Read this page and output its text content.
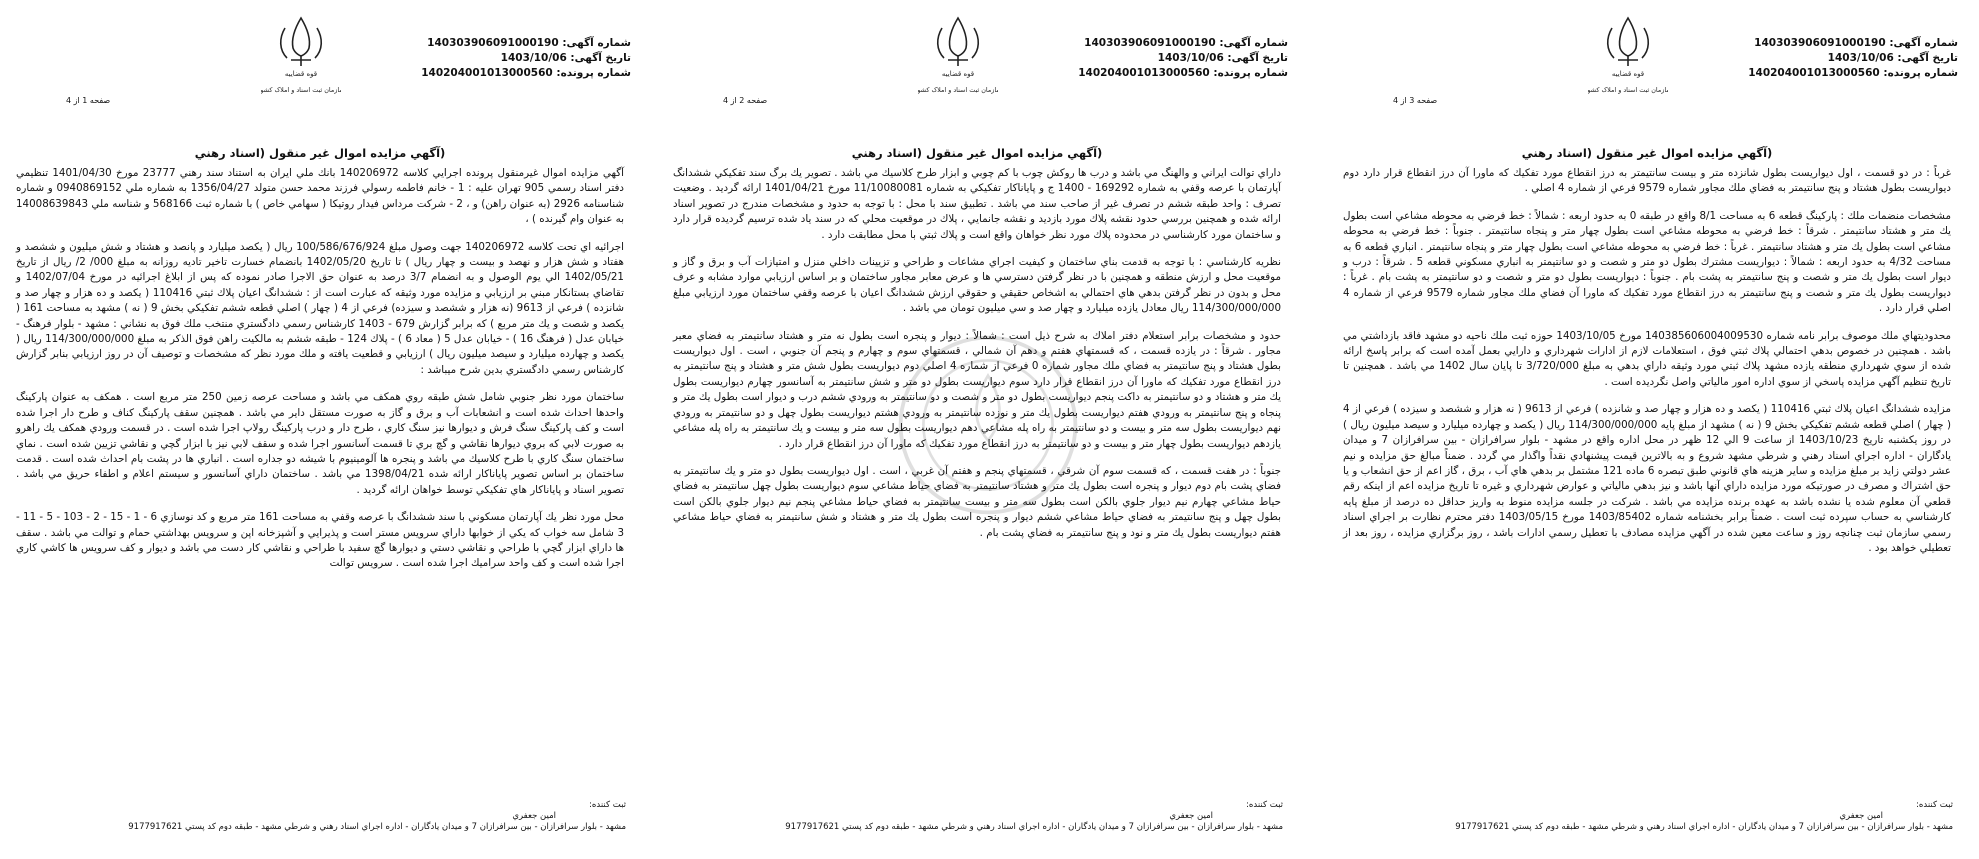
شماره آگهی: 140303906091000190
تاریخ آگهی: 1403/10/06
شماره پرونده: 140204001013000560
قوه قضاییه
سازمان ثبت اسناد و املاک کشور
صفحه 3 از 4
(آگهي مزايده اموال غير منقول (اسناد رهني

غرباً : در دو قسمت ، اول ديواريست بطول شانزده متر و بيست سانتيمتر به درز انقطاع مورد تفكيك كه ماورا آن درز انقطاع قرار دارد دوم ديواريست بطول هشتاد و پنج سانتيمتر به فضاي ملك مجاور شماره 9579 فرعي از شماره 4 اصلي .

مشخصات منضمات ملك : پاركينگ قطعه 6 به مساحت 8/1 واقع در طبقه 0 به حدود اربعه : شمالاً : خط فرضي به محوطه مشاعي است بطول يك متر و هشتاد سانتيمتر . شرقاً : خط فرضي به محوطه مشاعي است بطول چهار متر و پنجاه سانتيمتر . جنوباً : خط فرضي به محوطه مشاعي است بطول يك متر و هشتاد سانتيمتر . غرباً : خط فرضي به محوطه مشاعي است بطول چهار متر و پنجاه سانتيمتر . انباري قطعه 6 به مساحت 4/32 به حدود اربعه : شمالاً : ديواريست مشترك بطول دو متر و شصت و دو سانتيمتر به انباري مسكوني قطعه 5 . شرقاً : درب و ديوار است بطول يك متر و شصت و پنج سانتيمتر به پشت بام . جنوباً : ديواريست بطول دو متر و شصت و دو سانتيمتر به پشت بام . غرباً : ديواريست بطول يك متر و شصت و پنج سانتيمتر به درز انقطاع مورد تفكيك كه ماورا آن فضاي ملك مجاور شماره 9579 فرعي از شماره 4 اصلي قرار دارد .

محدوديتهاي ملك موصوف برابر نامه شماره 140385606004009530 مورخ 1403/10/05 حوزه ثبت ملك ناحيه دو مشهد فاقد بازداشتي مي باشد . همچنين در خصوص بدهي احتمالي پلاك ثبتي فوق ، استعلامات لازم از ادارات شهرداري و دارايي بعمل آمده است كه برابر پاسخ ارائه شده از سوي شهرداري منطقه يازده مشهد پلاك ثبتي مورد وثيقه داراي بدهي به مبلغ 3/720/000 تا پايان سال 1402 مي باشد . همچنين تا تاريخ تنظيم آگهي مزايده پاسخي از سوي اداره امور مالياتي واصل نگرديده است .

مزايده ششدانگ اعيان پلاك ثبتي 110416 ( يكصد و ده هزار و چهار صد و شانزده ) فرعي از 9613 ( نه هزار و ششصد و سيزده ) فرعي از 4 ( چهار ) اصلي قطعه ششم تفكيكي بخش 9 ( نه ) مشهد از مبلغ پايه 114/300/000/000 ريال ( يكصد و چهارده ميليارد و سيصد ميليون ريال ) در روز يكشنبه تاريخ 1403/10/23 از ساعت 9 الي 12 ظهر در محل اداره واقع در مشهد - بلوار سرافرازان - بين سرافرازان 7 و ميدان يادگاران - اداره اجراي اسناد رهني و شرطي مشهد شروع و به بالاترين قيمت پيشنهادي نقداً واگذار مي گردد . ضمناً مبالغ حق مزايده و نيم عشر دولتي زايد بر مبلغ مزايده و ساير هزينه هاي قانوني طبق تبصره 6 ماده 121 مشتمل بر بدهي هاي آب ، برق ، گاز اعم از حق انشعاب و يا حق اشتراك و مصرف در صورتيكه مورد مزايده داراي آنها باشد و نيز بدهي مالياتي و عوارض شهرداري و غيره تا تاريخ مزايده اعم از اينكه رقم قطعي آن معلوم شده يا نشده باشد به عهده برنده مزايده مي باشد . شركت در جلسه مزايده منوط به واريز حداقل ده درصد از مبلغ پايه كارشناسي به حساب سپرده ثبت است . ضمناً برابر بخشنامه شماره 1403/85402 مورخ 1403/05/15 دفتر محترم نظارت بر اجراي اسناد رسمي سازمان ثبت چنانچه روز و ساعت معين شده در آگهي مزايده مصادف با تعطيل رسمي ادارات باشد ، روز برگزاري مزايده ، روز بعد از تعطيلي خواهد بود .

ثبت كننده:
امين جعفري
مشهد - بلوار سرافرازان - بين سرافرازان 7 و ميدان يادگاران - اداره اجراي اسناد رهني و شرطي مشهد - طبقه دوم كد پستي 9177917621
شماره آگهی: 140303906091000190
تاریخ آگهی: 1403/10/06
شماره پرونده: 140204001013000560
قوه قضاییه
سازمان ثبت اسناد و املاک کشور
صفحه 2 از 4
(آگهي مزايده اموال غير منقول (اسناد رهني

داراي توالت ايراني و والهنگ مي باشد و درب ها روكش چوب با كم چوبي و ابزار طرح كلاسيك مي باشد . تصوير يك برگ سند تفكيكي ششدانگ آپارتمان با عرصه وقفي به شماره 169292 - 1400 ج و پاياناكار تفكيكي به شماره 11/10080081 مورخ 1401/04/21 ارائه گرديد . وضعيت تصرف : واحد طبقه ششم در تصرف غير از صاحب سند مي باشد . تطبيق سند با محل : با توجه به حدود و مشخصات مندرج در تصوير اسناد ارائه شده و همچنين بررسي حدود نقشه پلاك مورد بازديد و نقشه جانمايي ، پلاك در موقعيت محلي كه در سند ياد شده ترسيم گرديده قرار دارد و ساختمان مورد كارشناسي در محدوده پلاك مورد نظر خواهان واقع است و پلاك ثبتي با محل مطابقت دارد .

نظريه كارشناسي : با توجه به قدمت بناي ساختمان و كيفيت اجراي مشاعات و طراحي و تزيينات داخلي منزل و امتيازات آب و برق و گاز و موقعيت محل و ارزش منطقه و همچنين با در نظر گرفتن دسترسي ها و عرض معابر مجاور ساختمان و بر اساس ارزيابي موارد مشابه و عرف محل و بدون در نظر گرفتن بدهي هاي احتمالي به اشخاص حقيقي و حقوقي ارزش ششدانگ اعيان با عرصه وقفي ساختمان مورد ارزيابي مبلغ 114/300/000/000 ريال معادل يازده ميليارد و چهار صد و سي ميليون تومان مي باشد .

حدود و مشخصات برابر استعلام دفتر املاك به شرح ذيل است : شمالاً : ديوار و پنجره است بطول نه متر و هشتاد سانتيمتر به فضاي معبر مجاور . شرقاً : در يازده قسمت ، كه قسمتهاي هفتم و دهم آن شمالي ، قسمتهاي سوم و چهارم و پنجم آن جنوبي ، است . اول ديواريست بطول هشتاد و پنج سانتيمتر به فضاي ملك مجاور شماره 0 فرعي از شماره 4 اصلي دوم ديواريست بطول شش متر و هشتاد و پنج سانتيمتر به درز انقطاع مورد تفكيك كه ماورا آن درز انقطاع قرار دارد سوم ديواريست بطول دو متر و شش سانتيمتر به آسانسور چهارم ديواريست بطول يك متر و هشتاد و دو سانتيمتر به داكت پنجم ديواريست بطول دو متر و شصت و دو سانتيمتر به ورودي ششم درب و ديوار است بطول يك متر و پنجاه و پنج سانتيمتر به ورودي هفتم ديواريست بطول يك متر و نوزده سانتيمتر به ورودي هشتم ديواريست بطول چهل و دو سانتيمتر به ورودي نهم ديواريست بطول سه متر و بيست و دو سانتيمتر به راه پله مشاعي دهم ديواريست بطول سه متر و بيست و يك سانتيمتر به راه پله مشاعي يازدهم ديواريست بطول چهار متر و بيست و دو سانتيمتر به درز انقطاع مورد تفكيك كه ماورا آن درز انقطاع قرار دارد .

جنوباً : در هفت قسمت ، كه قسمت سوم آن شرقي ، قسمتهاي پنجم و هفتم آن غربي ، است . اول ديواريست بطول دو متر و يك سانتيمتر به فضاي پشت بام دوم ديوار و پنجره است بطول يك متر و هشتاد سانتيمتر به فضاي حياط مشاعي سوم ديواريست بطول چهل سانتيمتر به فضاي حياط مشاعي چهارم نيم ديوار جلوي بالكن است بطول سه متر و بيست سانتيمتر به فضاي حياط مشاعي پنجم نيم ديوار جلوي بالكن است بطول چهل و پنج سانتيمتر به فضاي حياط مشاعي ششم ديوار و پنجره است بطول يك متر و هشتاد و شش سانتيمتر به فضاي حياط مشاعي هفتم ديواريست بطول يك متر و نود و پنج سانتيمتر به فضاي پشت بام .

ثبت كننده:
امين جعفري
مشهد - بلوار سرافرازان - بين سرافرازان 7 و ميدان يادگاران - اداره اجراي اسناد رهني و شرطي مشهد - طبقه دوم كد پستي 9177917621
شماره آگهی: 140303906091000190
تاریخ آگهی: 1403/10/06
شماره پرونده: 140204001013000560
قوه قضاییه
سازمان ثبت اسناد و املاک کشور
صفحه 1 از 4
(آگهي مزايده اموال غير منقول (اسناد رهني

آگهي مزايده اموال غيرمنقول پرونده اجرايي كلاسه 140206972 بانك ملي ايران به استناد سند رهني 23777 مورخ 1401/04/30 تنظيمي دفتر اسناد رسمي 905 تهران عليه : 1 - خانم فاطمه رسولي فرزند محمد حسن متولد 1356/04/27 به شماره ملي 0940869152 و شماره شناسنامه 2926 (به عنوان راهن) و ، 2 - شركت مرداس فيدار روتيكا ( سهامي خاص ) با شماره ثبت 568166 و شناسه ملي 14008639843 به عنوان وام گيرنده ) ،

اجرائيه اي تحت كلاسه 140206972 جهت وصول مبلغ 100/586/676/924 ريال ( يكصد ميليارد و پانصد و هشتاد و شش ميليون و ششصد و هفتاد و شش هزار و نهصد و بيست و چهار ريال ) تا تاريخ 1402/05/20 بانضمام خسارت تاخير تاديه روزانه به مبلغ 000/ 2/ ريال از تاريخ 1402/05/21 الي يوم الوصول و به انضمام 3/7 درصد به عنوان حق الاجرا صادر نموده كه پس از ابلاغ اجرائيه در مورخ 1402/07/04 و تقاضاي بستانكار مبني بر ارزيابي و مزايده مورد وثيقه كه عبارت است از : ششدانگ اعيان پلاك ثبتي 110416 ( يكصد و ده هزار و چهار صد و شانزده ) فرعي از 9613 (نه هزار و ششصد و سيزده) فرعي از 4 ( چهار ) اصلي قطعه ششم تفكيكي بخش 9 ( نه ) مشهد به مساحت 161 ( يكصد و شصت و يك متر مربع ) كه برابر گزارش 679 - 1403 كارشناس رسمي دادگستري منتخب ملك فوق به نشاني : مشهد - بلوار فرهنگ - خيابان عدل ( فرهنگ 16 ) - خيابان عدل 5 ( معاد 6 ) - پلاك 124 - طبقه ششم به مالكيت راهن فوق الذكر به مبلغ 114/300/000/000 ريال ( يكصد و چهارده ميليارد و سيصد ميليون ريال ) ارزيابي و قطعيت يافته و ملك مورد نظر كه مشخصات و توصيف آن در روز ارزيابي بنابر گزارش كارشناس رسمي دادگستري بدين شرح ميباشد :

ساختمان مورد نظر جنوبي شامل شش طبقه روي همكف مي باشد و مساحت عرصه زمين 250 متر مربع است . همكف به عنوان پاركينگ واحدها احداث شده است و انشعابات آب و برق و گاز به صورت مستقل داير مي باشد . همچنين سقف پاركينگ كناف و طرح دار اجرا شده است و كف پاركينگ سنگ فرش و ديوارها نيز سنگ كاري ، طرح دار و درب پاركينگ رولاپ اجرا شده است . در قسمت ورودي همكف يك راهرو به صورت لابي كه بروي ديوارها نقاشي و گچ بري تا قسمت آسانسور اجرا شده و سقف لابي نيز با ابزار گچي و نقاشي تزيين شده است . نماي ساختمان سنگ كاري با طرح كلاسيك مي باشد و پنجره ها آلومينيوم با شيشه دو جداره است . انباري ها در پشت بام احداث شده است . قدمت ساختمان بر اساس تصوير پاياناكار ارائه شده 1398/04/21 مي باشد . ساختمان داراي آسانسور و سيستم اعلام و اطفاء حريق مي باشد . تصوير اسناد و پاياناكار هاي تفكيكي توسط خواهان ارائه گرديد .

محل مورد نظر يك آپارتمان مسكوني با سند ششدانگ با عرصه وقفي به مساحت 161 متر مربع و كد نوسازي 6 - 1 - 15 - 2 - 103 - 5 - 11 - 3 شامل سه خواب كه يكي از خوابها داراي سرويس مستر است و پذيرايي و آشپزخانه اپن و سرويس بهداشتي حمام و توالت مي باشد . سقف ها داراي ابزار گچي با طراحي و نقاشي دستي و ديوارها گچ سفيد با طراحي و نقاشي كار دست مي باشد و ديوار و كف سرويس ها كاشي كاري اجرا شده است و كف واحد سراميك اجرا شده است . سرويس توالت

ثبت كننده:
امين جعفري
مشهد - بلوار سرافرازان - بين سرافرازان 7 و ميدان يادگاران - اداره اجراي اسناد رهني و شرطي مشهد - طبقه دوم كد پستي 9177917621
